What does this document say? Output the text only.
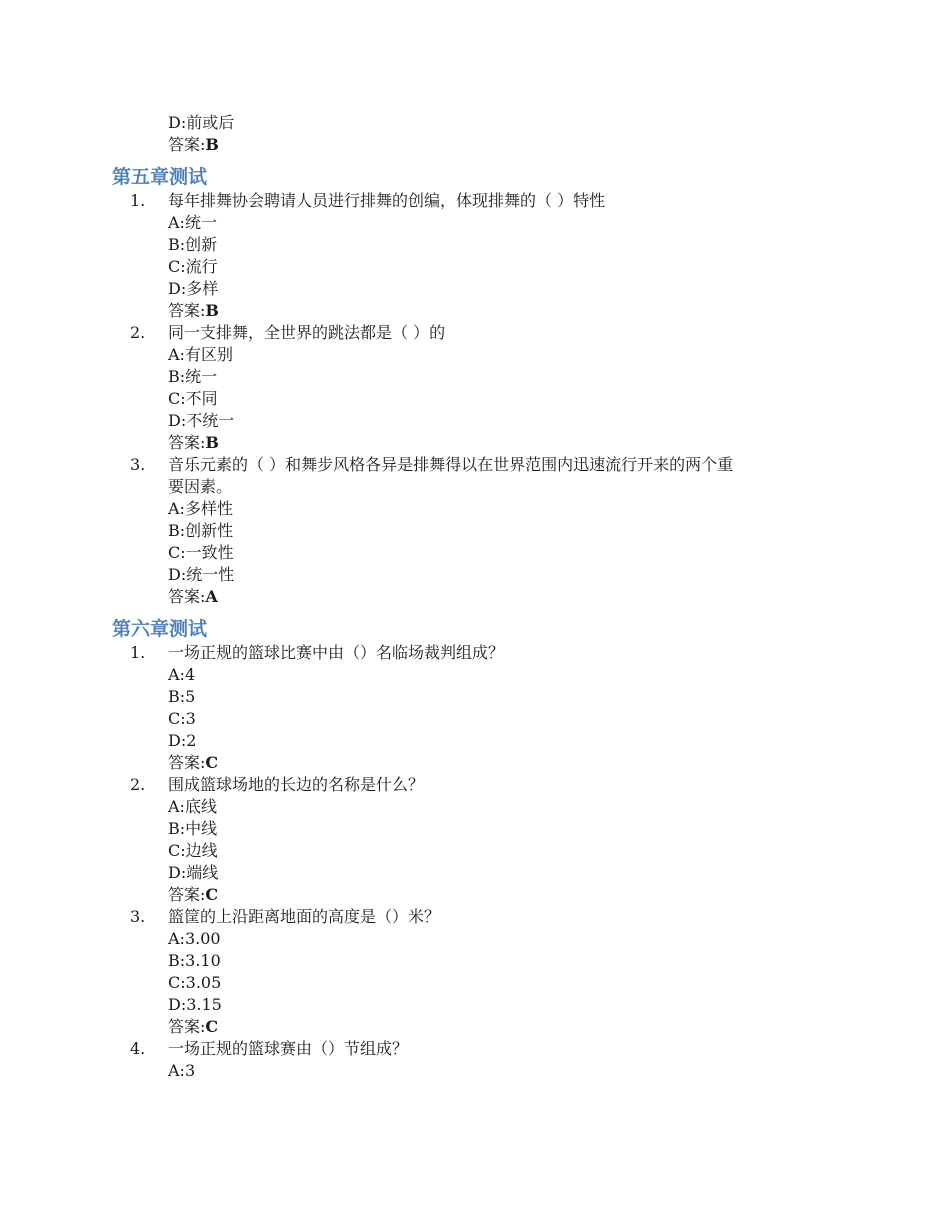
D:前或后
答案:B
第五章测试
1. 每年排舞协会聘请人员进行排舞的创编，体现排舞的（ ）特性
A:统一
B:创新
C:流行
D:多样
答案:B
2. 同一支排舞，全世界的跳法都是（ ）的
A:有区别
B:统一
C:不同
D:不统一
答案:B
3. 音乐元素的（ ）和舞步风格各异是排舞得以在世界范围内迅速流行开来的两个重
要因素。
A:多样性
B:创新性
C:一致性
D:统一性
答案:A
第六章测试
1. 一场正规的篮球比赛中由（）名临场裁判组成？
A:4
B:5
C:3
D:2
答案:C
2. 围成篮球场地的长边的名称是什么？
A:底线
B:中线
C:边线
D:端线
答案:C
3. 篮筐的上沿距离地面的高度是（）米？
A:3.00
B:3.10
C:3.05
D:3.15
答案:C
4. 一场正规的篮球赛由（）节组成？
A:3
